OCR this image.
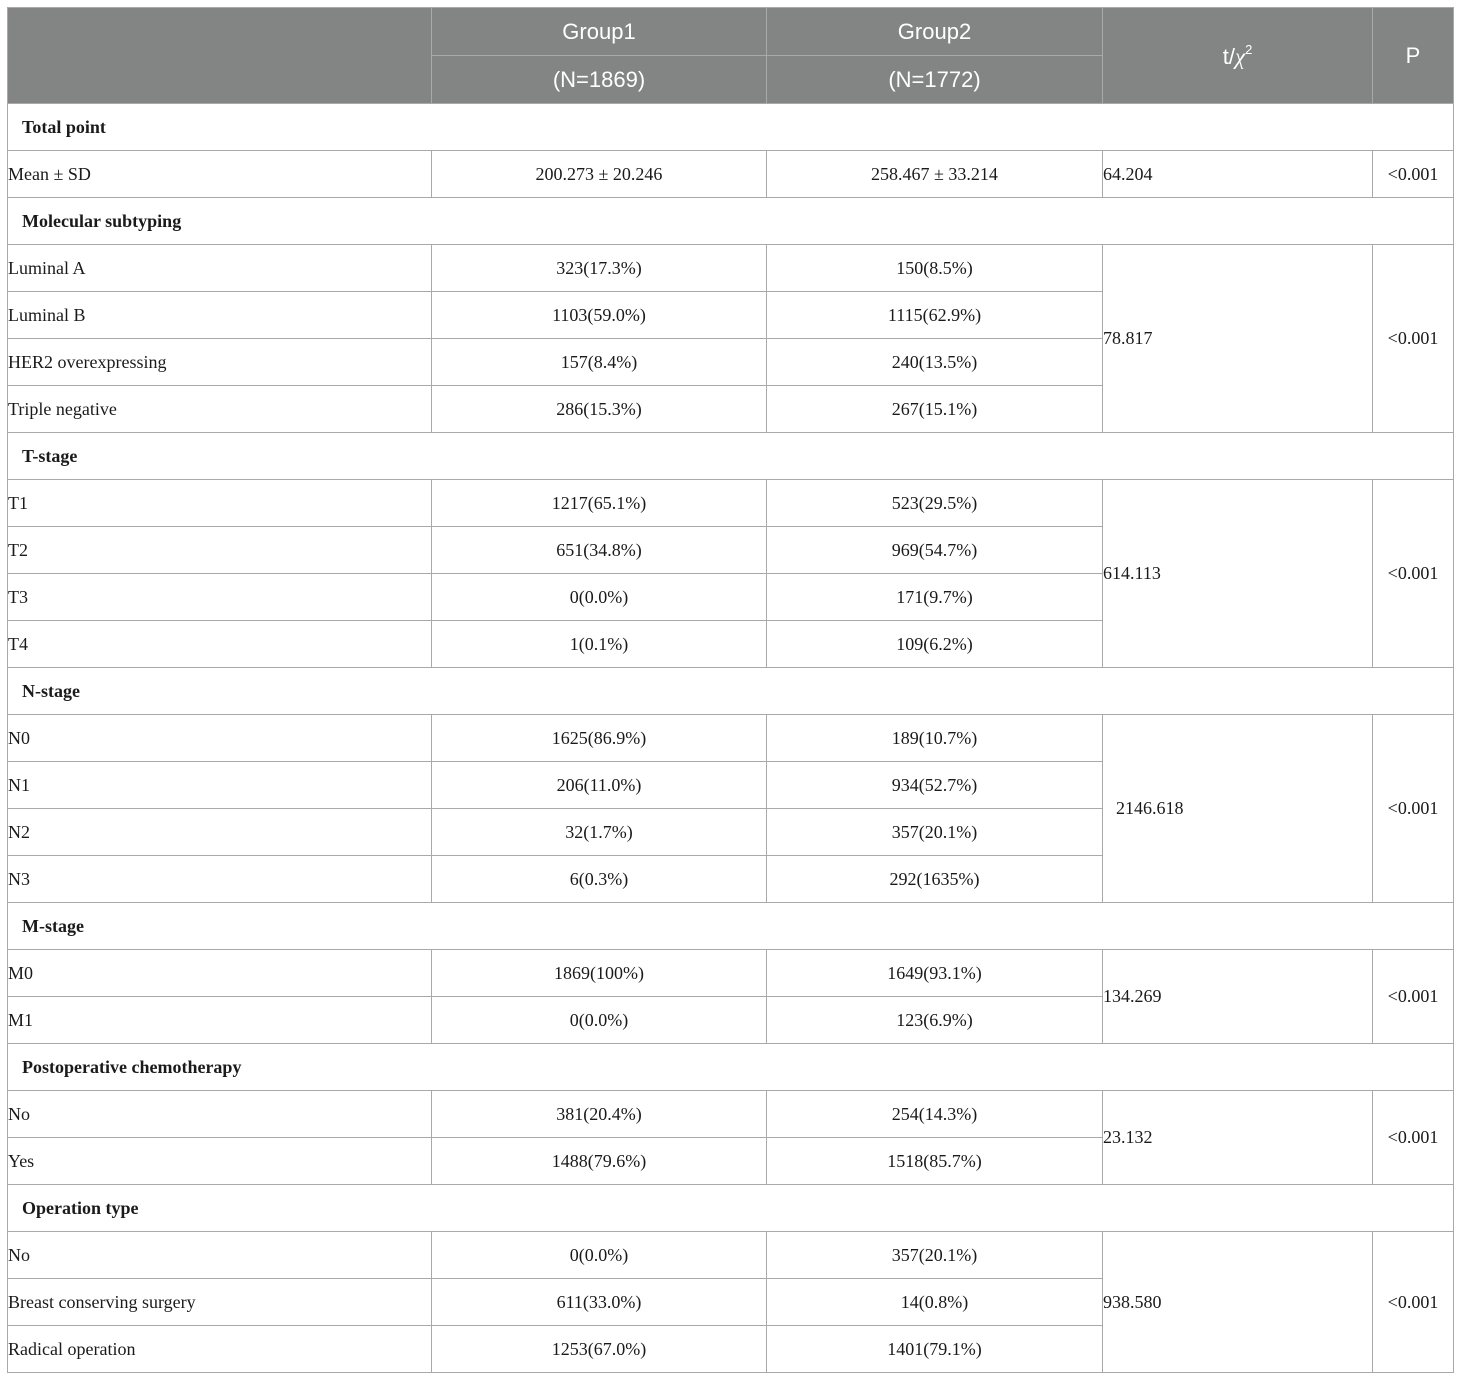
	Group1	Group2	$t/\chi^2$	P
	(N=1869)	(N=1772)		
Total point				
Mean ± SD	200.273 ± 20.246	258.467 ± 33.214	64.204	<0.001
Molecular subtyping				
Luminal A	323(17.3%)	150(8.5%)	78.817	<0.001
Luminal B	1103(59.0%)	1115(62.9%)		
HER2 overexpressing	157(8.4%)	240(13.5%)		
Triple negative	286(15.3%)	267(15.1%)		
T-stage				
T1	1217(65.1%)	523(29.5%)	614.113	<0.001
T2	651(34.8%)	969(54.7%)		
T3	0(0.0%)	171(9.7%)		
T4	1(0.1%)	109(6.2%)		
N-stage				
N0	1625(86.9%)	189(10.7%)	2146.618	<0.001
N1	206(11.0%)	934(52.7%)		
N2	32(1.7%)	357(20.1%)		
N3	6(0.3%)	292(1635%)		
M-stage				
M0	1869(100%)	1649(93.1%)	134.269	<0.001
M1	0(0.0%)	123(6.9%)		
Postoperative chemotherapy				
No	381(20.4%)	254(14.3%)	23.132	<0.001
Yes	1488(79.6%)	1518(85.7%)		
Operation type				
No	0(0.0%)	357(20.1%)	938.580	<0.001
Breast conserving surgery	611(33.0%)	14(0.8%)		
Radical operation	1253(67.0%)	1401(79.1%)		
